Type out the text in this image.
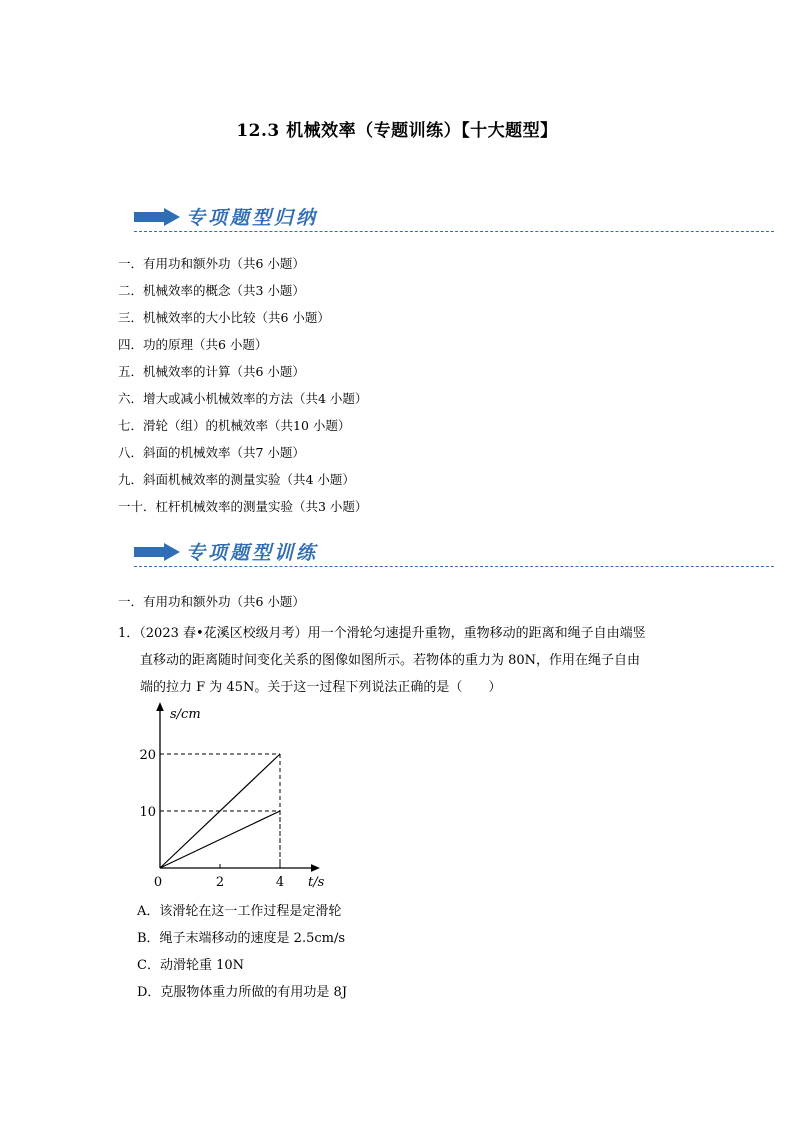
12.3 机械效率（专题训练）【十大题型】
专项题型归纳
一．有用功和额外功（共6 小题）
二．机械效率的概念（共3 小题）
三．机械效率的大小比较（共6 小题）
四．功的原理（共6 小题）
五．机械效率的计算（共6 小题）
六．增大或减小机械效率的方法（共4 小题）
七．滑轮（组）的机械效率（共10 小题）
八．斜面的机械效率（共7 小题）
九．斜面机械效率的测量实验（共4 小题）
一十．杠杆机械效率的测量实验（共3 小题）
专项题型训练
一．有用功和额外功（共6 小题）
1．（2023 春•花溪区校级月考）用一个滑轮匀速提升重物，重物移动的距离和绳子自由端竖
直移动的距离随时间变化关系的图像如图所示。若物体的重力为 80N，作用在绳子自由
端的拉力 F 为 45N。关于这一过程下列说法正确的是（　　）
s/cm
t/s
0	2	4
10
20
A．该滑轮在这一工作过程是定滑轮
B．绳子末端移动的速度是 2.5cm/s
C．动滑轮重 10N
D．克服物体重力所做的有用功是 8J
